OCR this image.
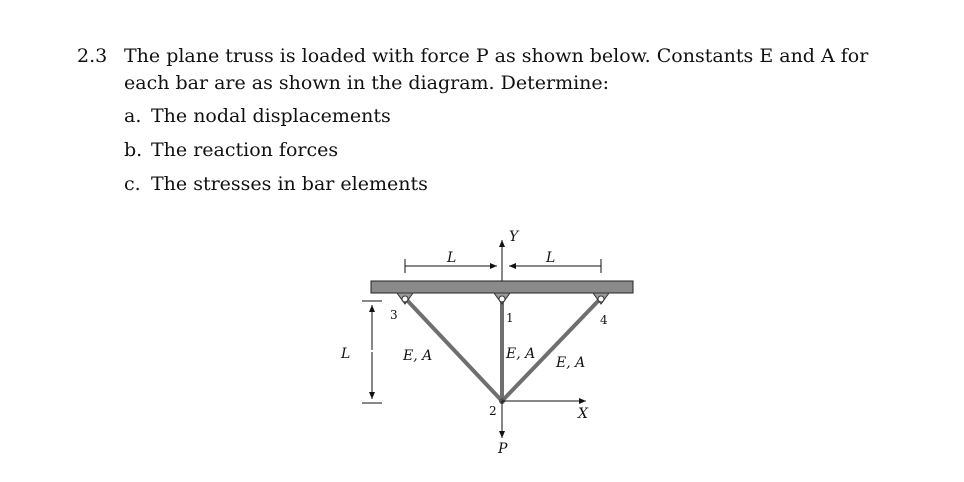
2.3 The plane truss is loaded with force P as shown below. Constants E and A for
each bar are as shown in the diagram. Determine:
a. The nodal displacements
b. The reaction forces
c. The stresses in bar elements
L	L
Y
L
3	1
2
4
E, A	E, A
E, A
X
P
